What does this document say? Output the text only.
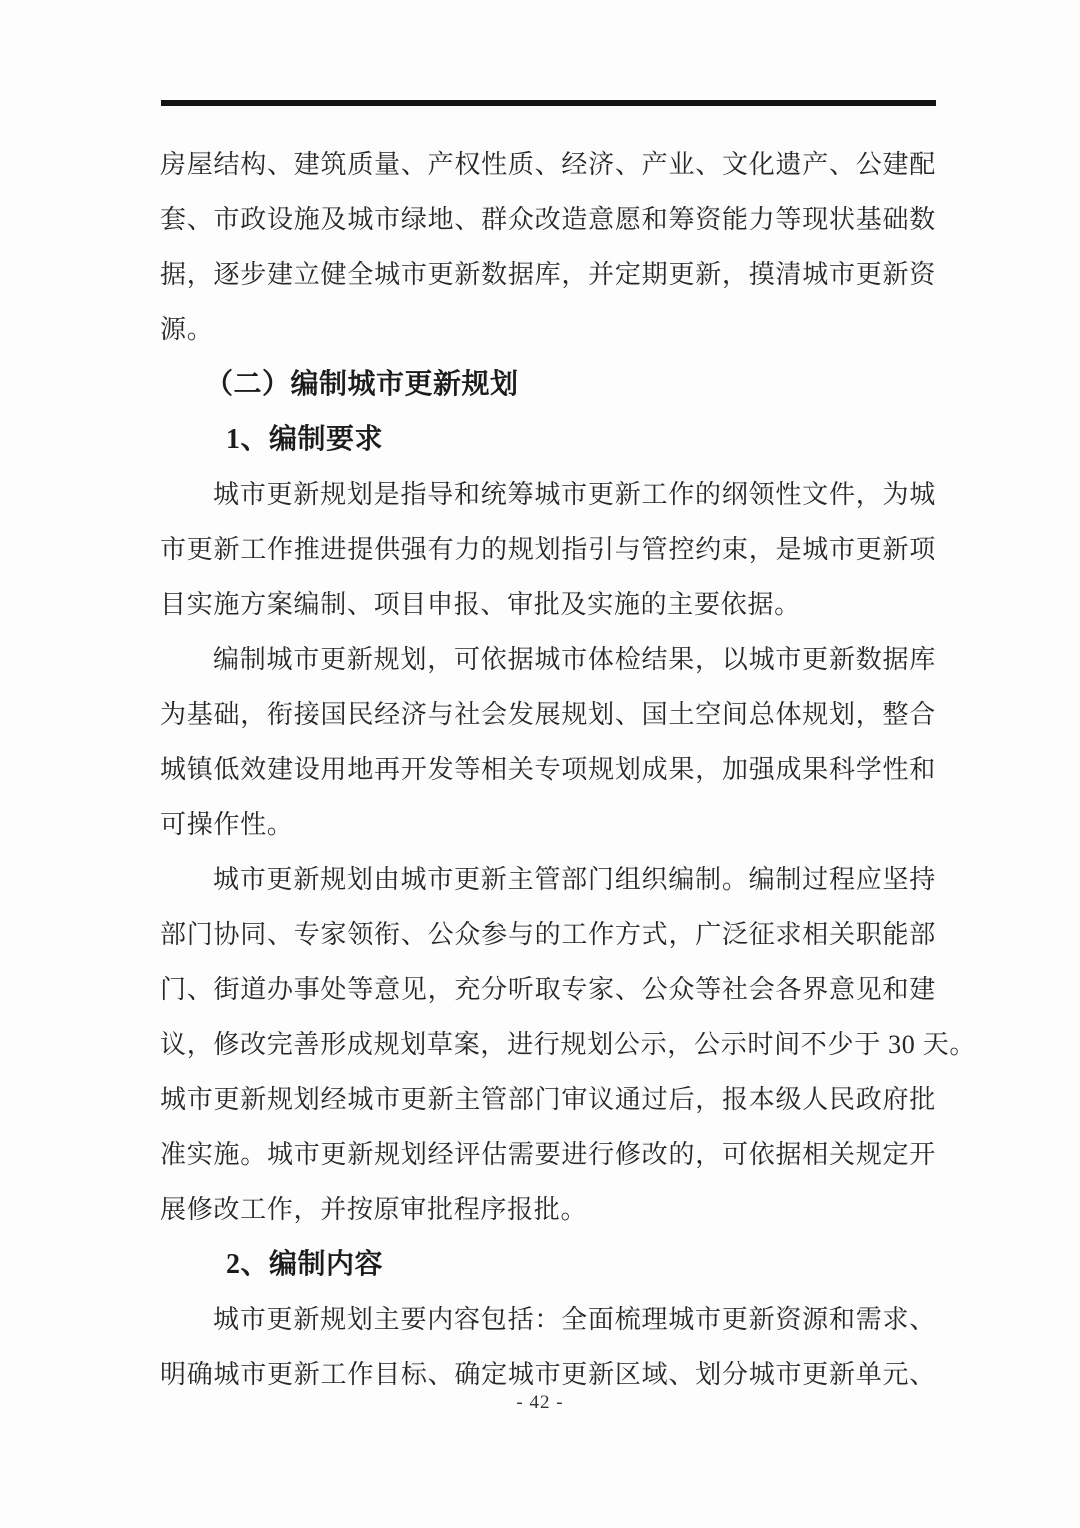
房屋结构、建筑质量、产权性质、经济、产业、文化遗产、公建配
套、市政设施及城市绿地、群众改造意愿和筹资能力等现状基础数
据，逐步建立健全城市更新数据库，并定期更新，摸清城市更新资
源。
（二）编制城市更新规划
1、编制要求
城市更新规划是指导和统筹城市更新工作的纲领性文件，为城
市更新工作推进提供强有力的规划指引与管控约束，是城市更新项
目实施方案编制、项目申报、审批及实施的主要依据。
编制城市更新规划，可依据城市体检结果，以城市更新数据库
为基础，衔接国民经济与社会发展规划、国土空间总体规划，整合
城镇低效建设用地再开发等相关专项规划成果，加强成果科学性和
可操作性。
城市更新规划由城市更新主管部门组织编制。编制过程应坚持
部门协同、专家领衔、公众参与的工作方式，广泛征求相关职能部
门、街道办事处等意见，充分听取专家、公众等社会各界意见和建
议，修改完善形成规划草案，进行规划公示，公示时间不少于 30 天。
城市更新规划经城市更新主管部门审议通过后，报本级人民政府批
准实施。城市更新规划经评估需要进行修改的，可依据相关规定开
展修改工作，并按原审批程序报批。
2、编制内容
城市更新规划主要内容包括：全面梳理城市更新资源和需求、
明确城市更新工作目标、确定城市更新区域、划分城市更新单元、
- 42 -
